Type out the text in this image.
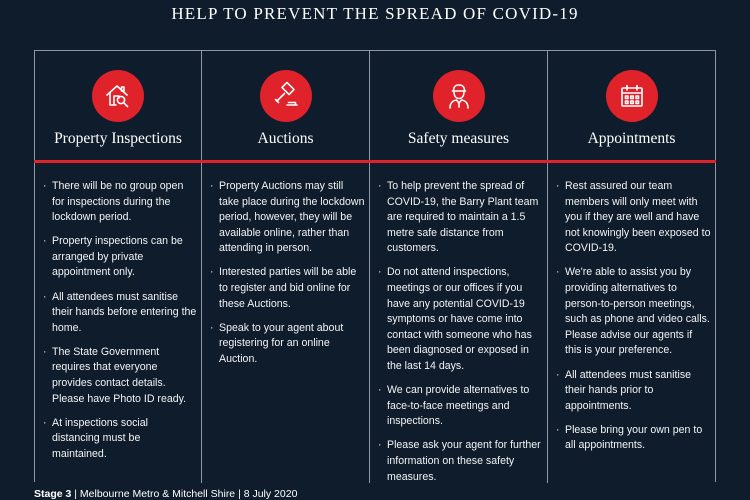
HELP TO PREVENT THE SPREAD OF COVID-19
Property Inspections
· There will be no group open for inspections during the lockdown period.
· Property inspections can be arranged by private appointment only.
· All attendees must sanitise their hands before entering the home.
· The State Government requires that everyone provides contact details. Please have Photo ID ready.
· At inspections social distancing must be maintained.
Auctions
· Property Auctions may still take place during the lockdown period, however, they will be available online, rather than attending in person.
· Interested parties will be able to register and bid online for these Auctions.
· Speak to your agent about registering for an online Auction.
Safety measures
· To help prevent the spread of COVID-19, the Barry Plant team are required to maintain a 1.5 metre safe distance from customers.
· Do not attend inspections, meetings or our offices if you have any potential COVID-19 symptoms or have come into contact with someone who has been diagnosed or exposed in the last 14 days.
· We can provide alternatives to face-to-face meetings and inspections.
· Please ask your agent for further information on these safety measures.
Appointments
· Rest assured our team members will only meet with you if they are well and have not knowingly been exposed to COVID-19.
· We're able to assist you by providing alternatives to person-to-person meetings, such as phone and video calls. Please advise our agents if this is your preference.
· All attendees must sanitise their hands prior to appointments.
· Please bring your own pen to all appointments.
Stage 3 | Melbourne Metro & Mitchell Shire | 8 July 2020
